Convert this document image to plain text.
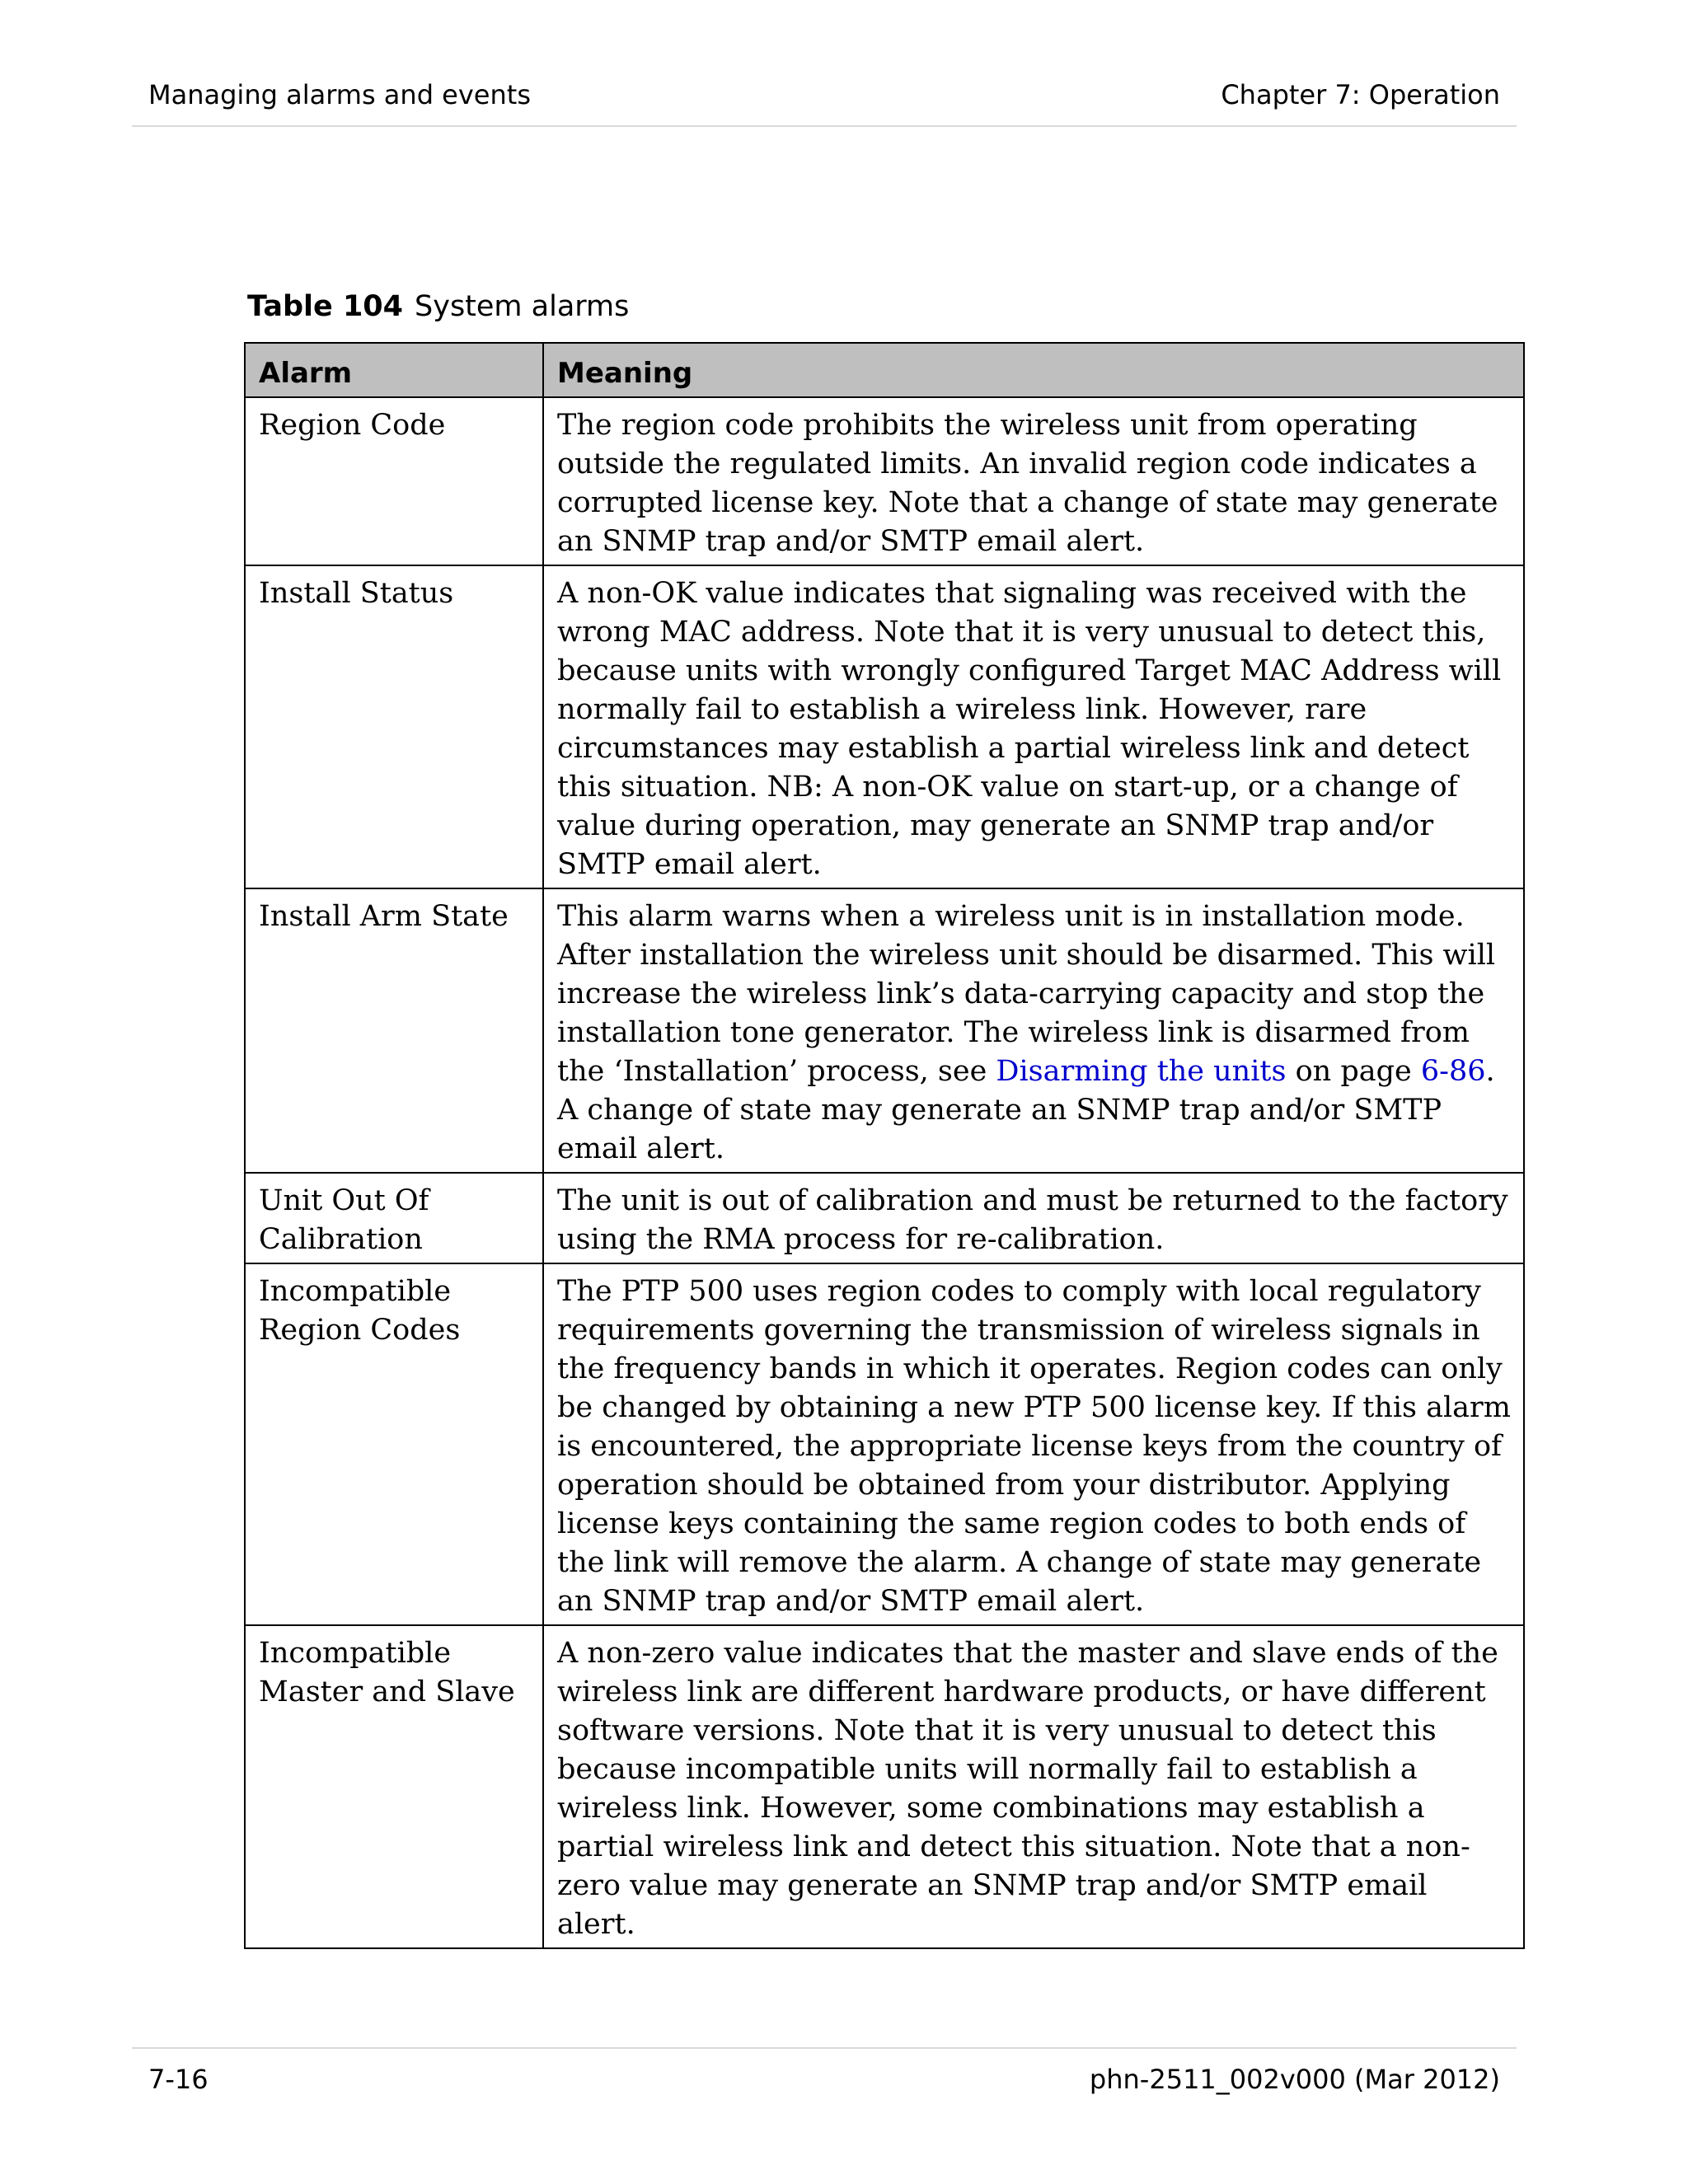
Managing alarms and events	Chapter 7: Operation
Table 104 System alarms
Alarm	Meaning
Region Code	The region code prohibits the wireless unit from operating outside the regulated limits. An invalid region code indicates a corrupted license key. Note that a change of state may generate an SNMP trap and/or SMTP email alert.
Install Status	A non-OK value indicates that signaling was received with the wrong MAC address. Note that it is very unusual to detect this, because units with wrongly configured Target MAC Address will normally fail to establish a wireless link. However, rare circumstances may establish a partial wireless link and detect this situation. NB: A non-OK value on start-up, or a change of value during operation, may generate an SNMP trap and/or SMTP email alert.
Install Arm State	This alarm warns when a wireless unit is in installation mode. After installation the wireless unit should be disarmed. This will increase the wireless link’s data-carrying capacity and stop the installation tone generator. The wireless link is disarmed from the ‘Installation’ process, see Disarming the units on page 6-86. A change of state may generate an SNMP trap and/or SMTP email alert.
Unit Out Of Calibration	The unit is out of calibration and must be returned to the factory using the RMA process for re-calibration.
Incompatible Region Codes	The PTP 500 uses region codes to comply with local regulatory requirements governing the transmission of wireless signals in the frequency bands in which it operates. Region codes can only be changed by obtaining a new PTP 500 license key. If this alarm is encountered, the appropriate license keys from the country of operation should be obtained from your distributor. Applying license keys containing the same region codes to both ends of the link will remove the alarm. A change of state may generate an SNMP trap and/or SMTP email alert.
Incompatible Master and Slave	A non-zero value indicates that the master and slave ends of the wireless link are different hardware products, or have different software versions. Note that it is very unusual to detect this because incompatible units will normally fail to establish a wireless link. However, some combinations may establish a partial wireless link and detect this situation. Note that a non-zero value may generate an SNMP trap and/or SMTP email alert.
7-16	phn-2511_002v000 (Mar 2012)
